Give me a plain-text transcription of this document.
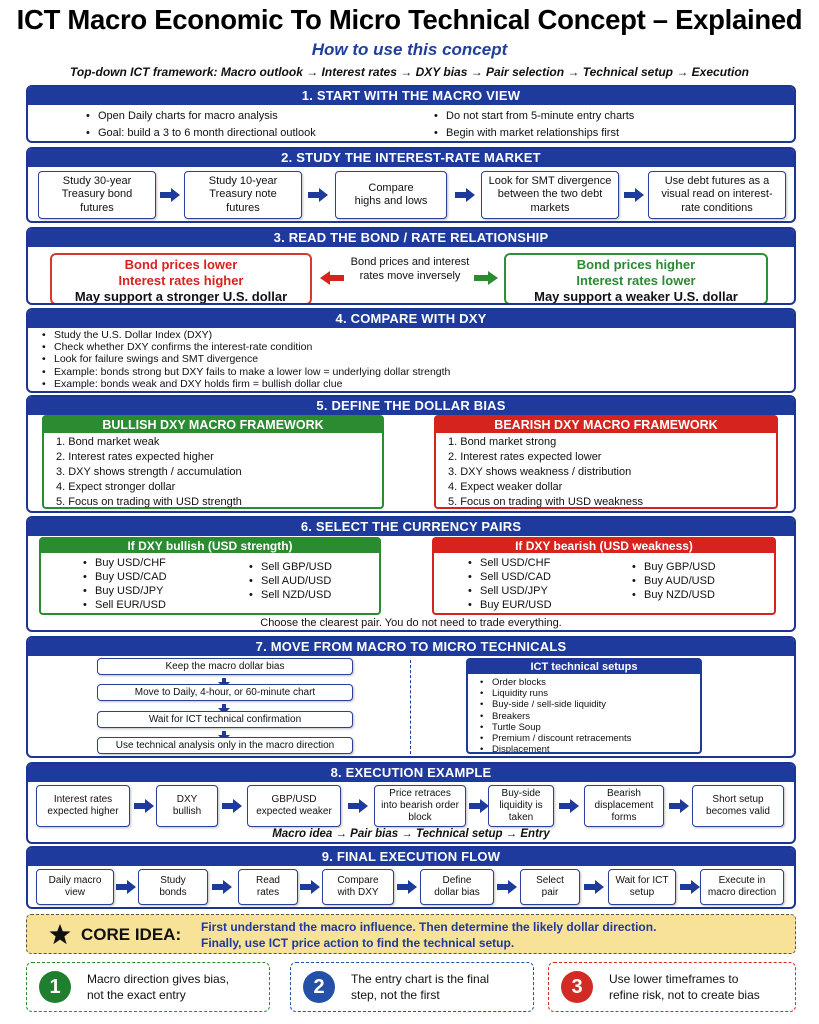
ICT Macro Economic To Micro Technical Concept – Explained
How to use this concept
Top-down ICT framework: Macro outlook → Interest rates → DXY bias → Pair selection → Technical setup → Execution
1. START WITH THE MACRO VIEW
• Open Daily charts for macro analysis
• Goal: build a 3 to 6 month directional outlook
• Do not start from 5-minute entry charts
• Begin with market relationships first
2. STUDY THE INTEREST-RATE MARKET
Study 30-year Treasury bond futures
Study 10-year Treasury note futures
Compare highs and lows
Look for SMT divergence between the two debt markets
Use debt futures as a visual read on interest-rate conditions
3. READ THE BOND / RATE RELATIONSHIP
Bond prices lower
Interest rates higher
May support a stronger U.S. dollar
Bond prices and interest rates move inversely
Bond prices higher
Interest rates lower
May support a weaker U.S. dollar
4. COMPARE WITH DXY
• Study the U.S. Dollar Index (DXY)
• Check whether DXY confirms the interest-rate condition
• Look for failure swings and SMT divergence
• Example: bonds strong but DXY fails to make a lower low = underlying dollar strength
• Example: bonds weak and DXY holds firm = bullish dollar clue
5. DEFINE THE DOLLAR BIAS
BULLISH DXY MACRO FRAMEWORK
1. Bond market weak
2. Interest rates expected higher
3. DXY shows strength / accumulation
4. Expect stronger dollar
5. Focus on trading with USD strength
BEARISH DXY MACRO FRAMEWORK
1. Bond market strong
2. Interest rates expected lower
3. DXY shows weakness / distribution
4. Expect weaker dollar
5. Focus on trading with USD weakness
6. SELECT THE CURRENCY PAIRS
If DXY bullish (USD strength)
• Buy USD/CHF
• Buy USD/CAD
• Buy USD/JPY
• Sell EUR/USD
• Sell GBP/USD
• Sell AUD/USD
• Sell NZD/USD
If DXY bearish (USD weakness)
• Sell USD/CHF
• Sell USD/CAD
• Sell USD/JPY
• Buy EUR/USD
• Buy GBP/USD
• Buy AUD/USD
• Buy NZD/USD
Choose the clearest pair. You do not need to trade everything.
7. MOVE FROM MACRO TO MICRO TECHNICALS
Keep the macro dollar bias
Move to Daily, 4-hour, or 60-minute chart
Wait for ICT technical confirmation
Use technical analysis only in the macro direction
ICT technical setups
• Order blocks
• Liquidity runs
• Buy-side / sell-side liquidity
• Breakers
• Turtle Soup
• Premium / discount retracements
• Displacement
8. EXECUTION EXAMPLE
Interest rates expected higher
DXY bullish
GBP/USD expected weaker
Price retraces into bearish order block
Buy-side liquidity is taken
Bearish displacement forms
Short setup becomes valid
Macro idea → Pair bias → Technical setup → Entry
9. FINAL EXECUTION FLOW
Daily macro view
Study bonds
Read rates
Compare with DXY
Define dollar bias
Select pair
Wait for ICT setup
Execute in macro direction
CORE IDEA: First understand the macro influence. Then determine the likely dollar direction.
Finally, use ICT price action to find the technical setup.
1	Macro direction gives bias,
not the exact entry	2	The entry chart is the final
step, not the first	3	Use lower timeframes to
refine risk, not to create bias
